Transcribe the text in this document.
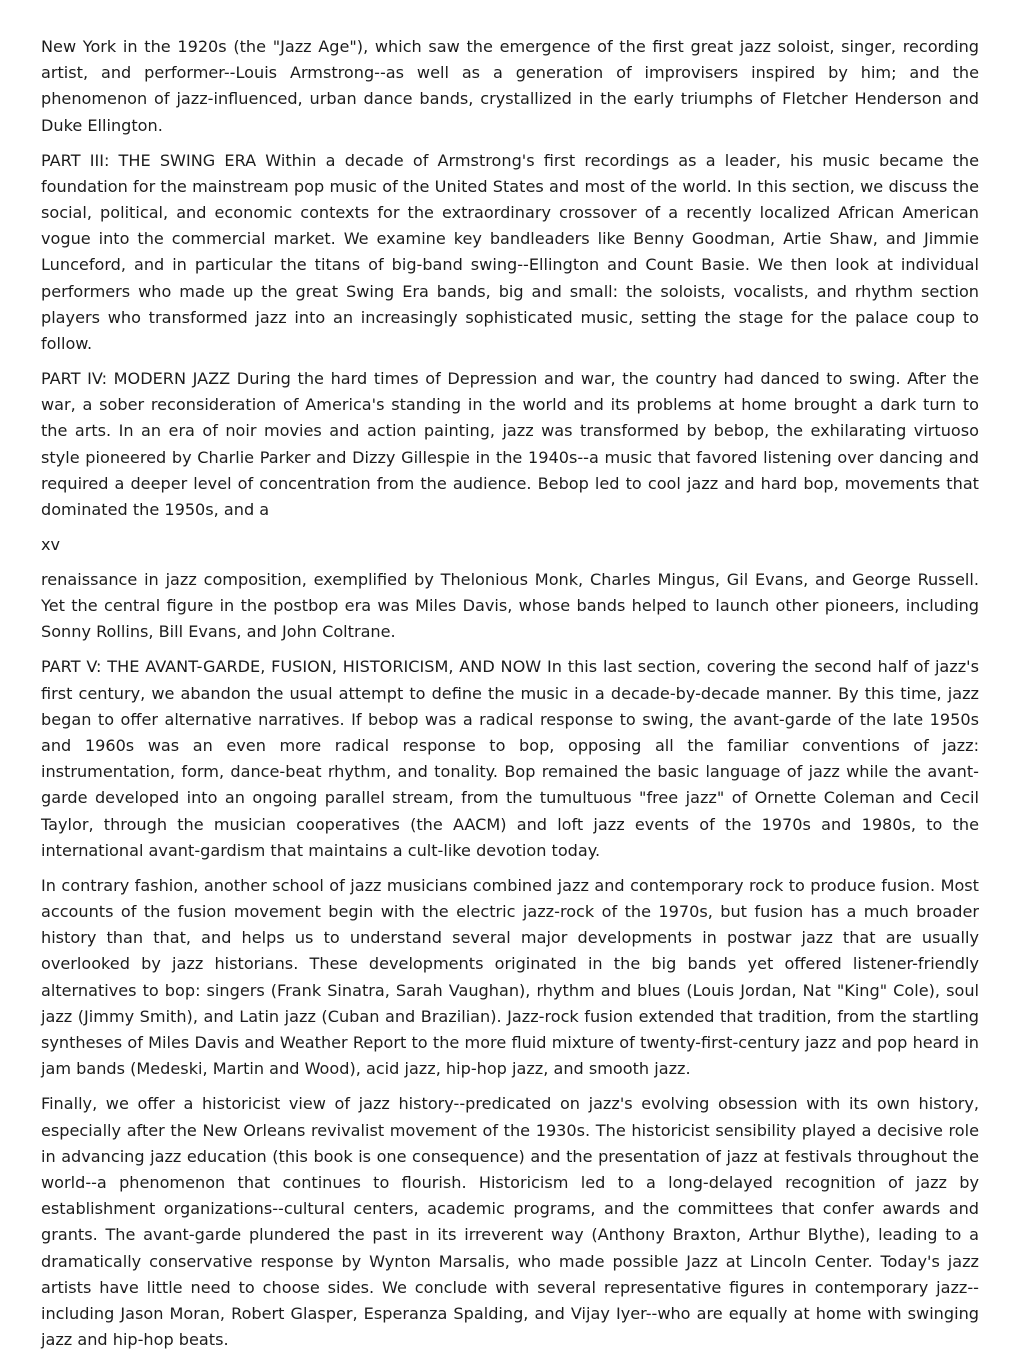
New York in the 1920s (the "Jazz Age"), which saw the emergence of the first great jazz soloist, singer, recording artist, and performer--Louis Armstrong--as well as a generation of improvisers inspired by him; and the phenomenon of jazz-influenced, urban dance bands, crystallized in the early triumphs of Fletcher Henderson and Duke Ellington.

PART III: THE SWING ERA Within a decade of Armstrong's first recordings as a leader, his music became the foundation for the mainstream pop music of the United States and most of the world. In this section, we discuss the social, political, and economic contexts for the extraordinary crossover of a recently localized African American vogue into the commercial market. We examine key bandleaders like Benny Goodman, Artie Shaw, and Jimmie Lunceford, and in particular the titans of big-band swing--Ellington and Count Basie. We then look at individual performers who made up the great Swing Era bands, big and small: the soloists, vocalists, and rhythm section players who transformed jazz into an increasingly sophisticated music, setting the stage for the palace coup to follow.

PART IV: MODERN JAZZ During the hard times of Depression and war, the country had danced to swing. After the war, a sober reconsideration of America's standing in the world and its problems at home brought a dark turn to the arts. In an era of noir movies and action painting, jazz was transformed by bebop, the exhilarating virtuoso style pioneered by Charlie Parker and Dizzy Gillespie in the 1940s--a music that favored listening over dancing and required a deeper level of concentration from the audience. Bebop led to cool jazz and hard bop, movements that dominated the 1950s, and a

xv

renaissance in jazz composition, exemplified by Thelonious Monk, Charles Mingus, Gil Evans, and George Russell. Yet the central figure in the postbop era was Miles Davis, whose bands helped to launch other pioneers, including Sonny Rollins, Bill Evans, and John Coltrane.

PART V: THE AVANT-GARDE, FUSION, HISTORICISM, AND NOW In this last section, covering the second half of jazz's first century, we abandon the usual attempt to define the music in a decade-by-decade manner. By this time, jazz began to offer alternative narratives. If bebop was a radical response to swing, the avant-garde of the late 1950s and 1960s was an even more radical response to bop, opposing all the familiar conventions of jazz: instrumentation, form, dance-beat rhythm, and tonality. Bop remained the basic language of jazz while the avant-garde developed into an ongoing parallel stream, from the tumultuous "free jazz" of Ornette Coleman and Cecil Taylor, through the musician cooperatives (the AACM) and loft jazz events of the 1970s and 1980s, to the international avant-gardism that maintains a cult-like devotion today.

In contrary fashion, another school of jazz musicians combined jazz and contemporary rock to produce fusion. Most accounts of the fusion movement begin with the electric jazz-rock of the 1970s, but fusion has a much broader history than that, and helps us to understand several major developments in postwar jazz that are usually overlooked by jazz historians. These developments originated in the big bands yet offered listener-friendly alternatives to bop: singers (Frank Sinatra, Sarah Vaughan), rhythm and blues (Louis Jordan, Nat "King" Cole), soul jazz (Jimmy Smith), and Latin jazz (Cuban and Brazilian). Jazz-rock fusion extended that tradition, from the startling syntheses of Miles Davis and Weather Report to the more fluid mixture of twenty-first-century jazz and pop heard in jam bands (Medeski, Martin and Wood), acid jazz, hip-hop jazz, and smooth jazz.

Finally, we offer a historicist view of jazz history--predicated on jazz's evolving obsession with its own history, especially after the New Orleans revivalist movement of the 1930s. The historicist sensibility played a decisive role in advancing jazz education (this book is one consequence) and the presentation of jazz at festivals throughout the world--a phenomenon that continues to flourish. Historicism led to a long-delayed recognition of jazz by establishment organizations--cultural centers, academic programs, and the committees that confer awards and grants. The avant-garde plundered the past in its irreverent way (Anthony Braxton, Arthur Blythe), leading to a dramatically conservative response by Wynton Marsalis, who made possible Jazz at Lincoln Center. Today's jazz artists have little need to choose sides. We conclude with several representative figures in contemporary jazz--including Jason Moran, Robert Glasper, Esperanza Spalding, and Vijay Iyer--who are equally at home with swinging jazz and hip-hop beats.
